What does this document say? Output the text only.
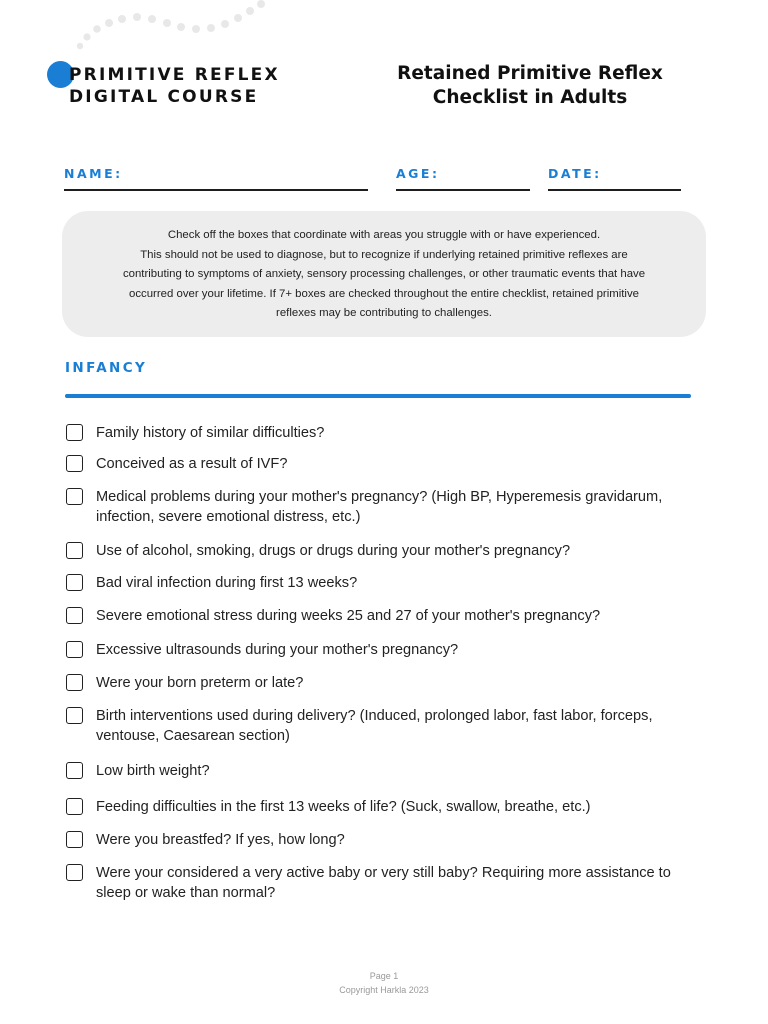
PRIMITIVE REFLEX
DIGITAL COURSE
Retained Primitive Reflex
Checklist in Adults
NAME:	AGE:	DATE:
Check off the boxes that coordinate with areas you struggle with or have experienced.
This should not be used to diagnose, but to recognize if underlying retained primitive reflexes are
contributing to symptoms of anxiety, sensory processing challenges, or other traumatic events that have
occurred over your lifetime. If 7+ boxes are checked throughout the entire checklist, retained primitive
reflexes may be contributing to challenges.
INFANCY
Family history of similar difficulties?
Conceived as a result of IVF?
Medical problems during your mother's pregnancy? (High BP, Hyperemesis gravidarum,
infection, severe emotional distress, etc.)
Use of alcohol, smoking, drugs or drugs during your mother's pregnancy?
Bad viral infection during first 13 weeks?
Severe emotional stress during weeks 25 and 27 of your mother's pregnancy?
Excessive ultrasounds during your mother's pregnancy?
Were your born preterm or late?
Birth interventions used during delivery? (Induced, prolonged labor, fast labor, forceps,
ventouse, Caesarean section)
Low birth weight?
Feeding difficulties in the first 13 weeks of life? (Suck, swallow, breathe, etc.)
Were you breastfed? If yes, how long?
Were your considered a very active baby or very still baby? Requiring more assistance to
sleep or wake than normal?
Page 1
Copyright Harkla 2023
